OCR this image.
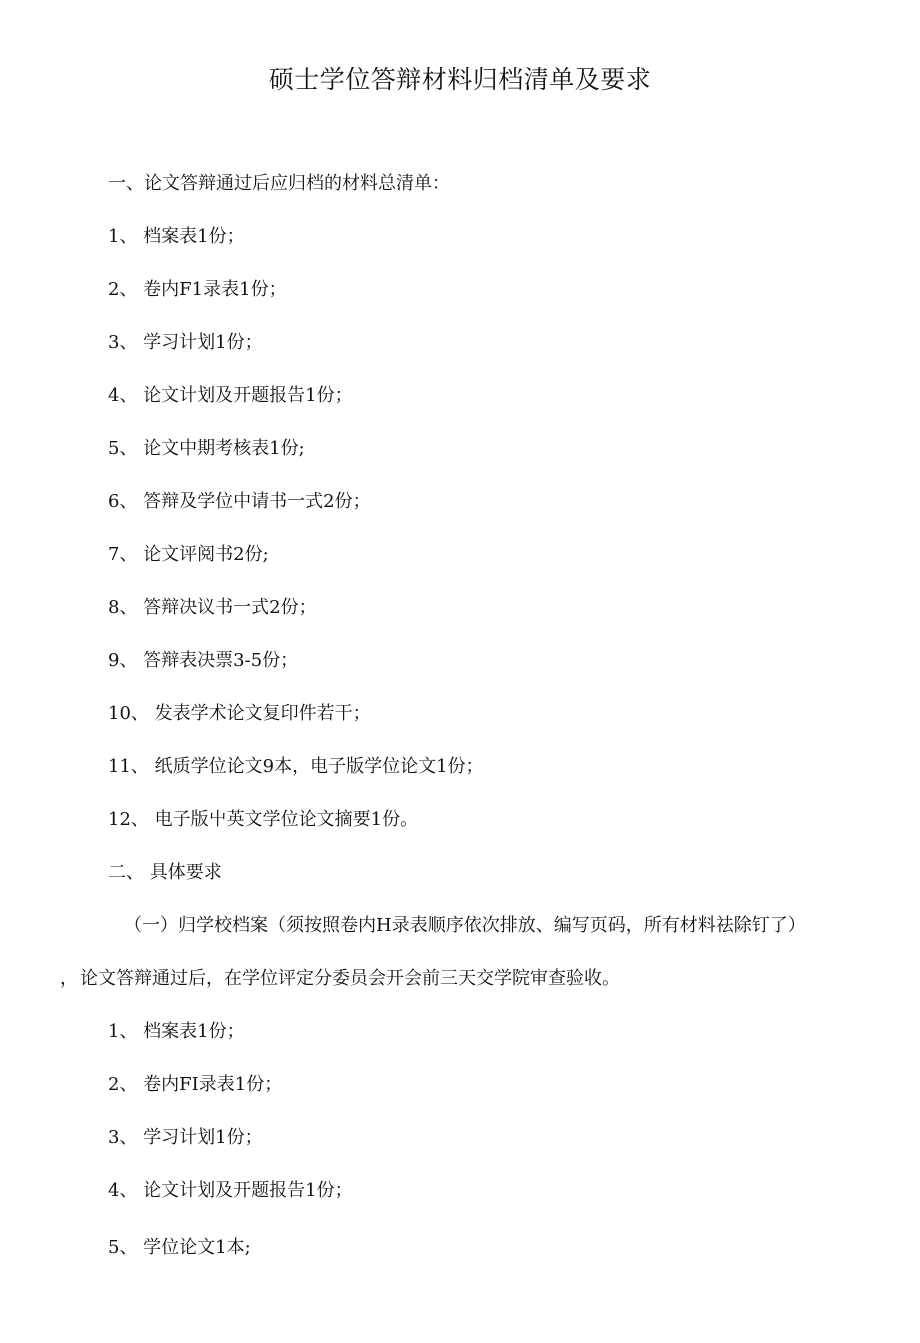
硕士学位答辩材料归档清单及要求
一、论文答辩通过后应归档的材料总清单：
1、 档案表1份；
2、 卷内F1录表1份；
3、 学习计划1份；
4、 论文计划及开题报告1份；
5、 论文中期考核表1份;
6、 答辩及学位中请书一式2份；
7、 论文评阅书2份;
8、 答辩决议书一式2份；
9、 答辩表决票3-5份；
10、 发表学术论文复印件若干；
11、 纸质学位论文9本，电子版学位论文1份；
12、 电子版屮英文学位论文摘要1份。
二、 具体要求
（一）归学校档案（须按照卷内H录表顺序依次排放、编写页码，所有材料祛除钉了）
， 论文答辩通过后，在学位评定分委员会开会前三天交学院审查验收。
1、 档案表1份；
2、 卷内FI录表1份；
3、 学习计划1份；
4、 论文计划及开题报告1份；
5、 学位论文1本;
